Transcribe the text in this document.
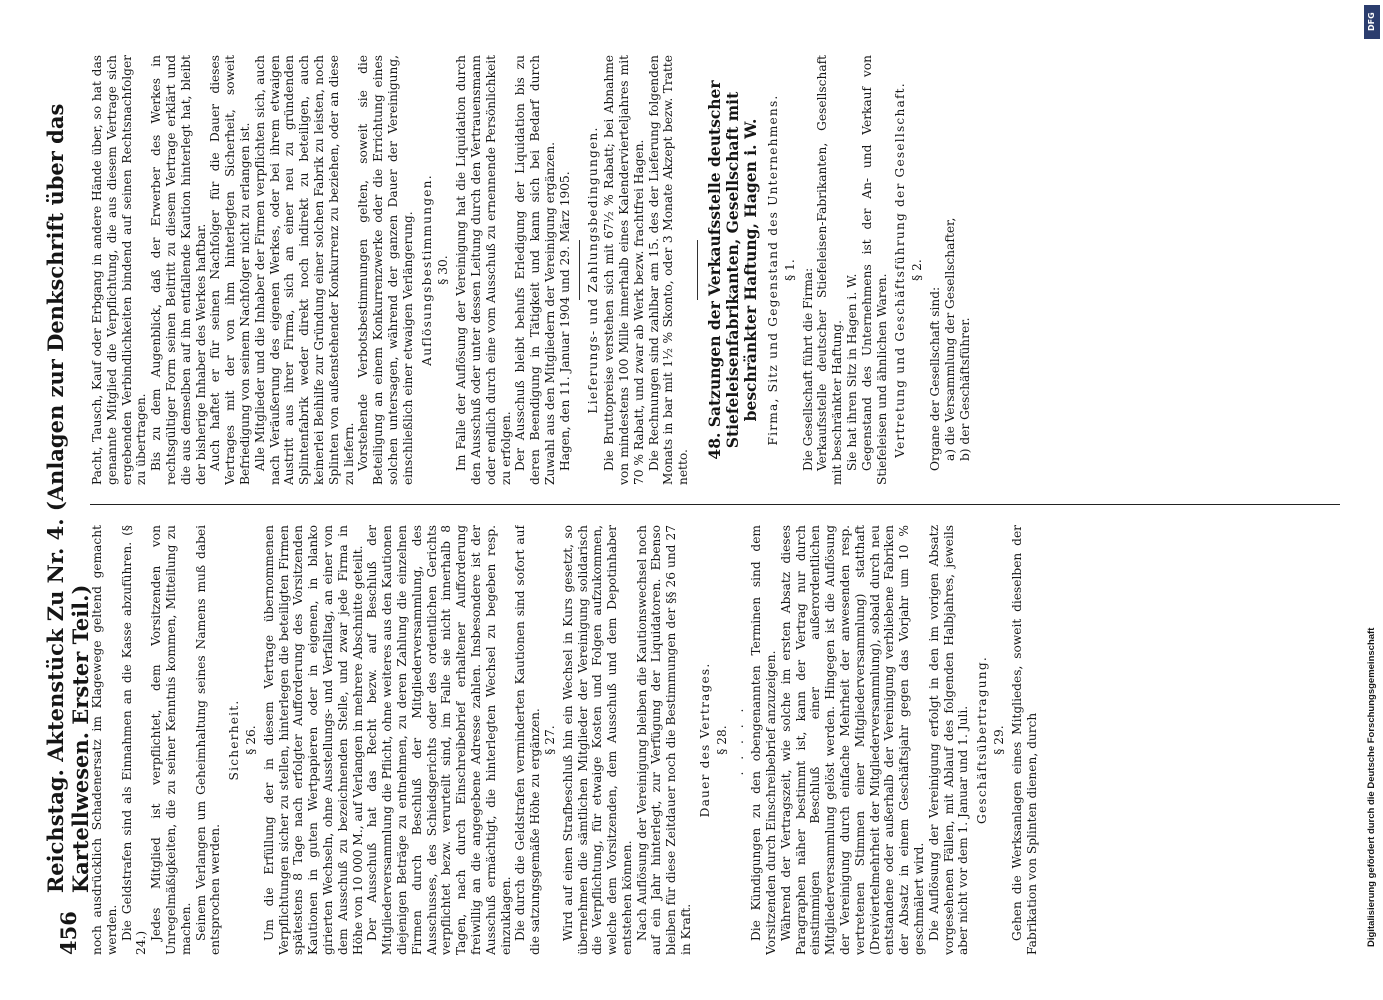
456
Reichstag. Aktenstück Zu Nr. 4. (Anlagen zur Denkschrift über das Kartellwesen. Erster Teil.)

noch ausdrücklich Schadenersatz im Klagewege geltend gemacht werden. Die Geldstrafen sind als Einnahmen an die Kasse abzuführen. (§ 24.)

Jedes Mitglied ist verpflichtet, dem Vorsitzenden von Unregelmäßigkeiten, die zu seiner Kenntnis kommen, Mitteilung zu machen. Seinem Verlangen um Geheimhaltung seines Namens muß dabei entsprochen werden.

Sicherheit. § 26. Um die Erfüllung der in diesem Vertrage übernommenen Verpflichtungen sicher zu stellen, hinterlegen die beteiligten Firmen spätestens 8 Tage nach erfolgter Aufforderung des Vorsitzenden Kautionen in guten Wertpapieren oder in eigenen, in blanko girierten Wechseln, ohne Ausstellungs- und Verfalltag, an einer von dem Ausschuß zu bezeichnenden Stelle, und zwar jede Firma in Höhe von 10 000 M., auf Verlangen in mehrere Abschnitte geteilt. Der Ausschuß hat das Recht bezw. auf Beschluß der Mitgliederversammlung die Pflicht, ohne weiteres aus den Kautionen diejenigen Beträge zu entnehmen, zu deren Zahlung die einzelnen Firmen durch Beschluß der Mitgliederversammlung, des Ausschusses, des Schiedsgerichts oder des ordentlichen Gerichts verpflichtet bezw. verurteilt sind, im Falle sie nicht innerhalb 8 Tagen, nach durch Einschreibebrief erhaltener Aufforderung freiwillig an die angegebene Adresse zahlen. Insbesondere ist der Ausschuß ermächtigt, die hinterlegten Wechsel zu begeben resp. einzuklagen. Die durch die Geldstrafen verminderten Kautionen sind sofort auf die satzungsgemäße Höhe zu ergänzen. § 27. Wird auf einen Strafbeschluß hin ein Wechsel in Kurs gesetzt, so übernehmen die sämtlichen Mitglieder der Vereinigung solidarisch die Verpflichtung, für etwaige Kosten und Folgen aufzukommen, welche dem Vorsitzenden, dem Ausschuß und dem Depotinhaber entstehen können. Nach Auflösung der Vereinigung bleiben die Kautionswechsel noch auf ein Jahr hinterlegt, zur Verfügung der Liquidatoren. Ebenso bleiben für diese Zeitdauer noch die Bestimmungen der §§ 26 und 27 in Kraft.

Dauer des Vertrages. § 28. . . . . . Die Kündigungen zu den obengenannten Terminen sind dem Vorsitzenden durch Einschreibebrief anzuzeigen. Während der Vertragszeit, wie solche im ersten Absatz dieses Paragraphen näher bestimmt ist, kann der Vertrag nur durch einstimmigen Beschluß einer außerordentlichen Mitgliederversammlung gelöst werden. Hingegen ist die Auflösung der Vereinigung durch einfache Mehrheit der anwesenden resp. vertretenen Stimmen einer Mitgliederversammlung) statthaft (Dreiviertelmehrheit der Mitgliederversammlung), sobald durch neu entstandene oder außerhalb der Vereinigung verbliebene Fabriken der Absatz in einem Geschäftsjahr gegen das Vorjahr um 10 % geschmälert wird. Die Auflösung der Vereinigung erfolgt in den im vorigen Absatz vorgesehenen Fällen, mit Ablauf des folgenden Halbjahres, jeweils aber nicht vor dem 1. Januar und 1. Juli. Geschäftsübertragung. § 29. Gehen die Werksanlagen eines Mitgliedes, soweit dieselben der Fabrikation von Splinten dienen, durch

Pacht, Tausch, Kauf oder Erbgang in andere Hände über, so hat das genannte Mitglied die Verpflichtung, die aus diesem Vertrage sich ergebenden Verbindlichkeiten bindend auf seinen Rechtsnachfolger zu übertragen. Bis zu dem Augenblick, daß der Erwerber des Werkes in rechtsgültiger Form seinen Beitritt zu diesem Vertrage erklärt und die aus demselben auf ihn entfallende Kaution hinterlegt hat, bleibt der bisherige Inhaber des Werkes haftbar. Auch haftet er für seinen Nachfolger für die Dauer dieses Vertrages mit der von ihm hinterlegten Sicherheit, soweit Befriedigung von seinem Nachfolger nicht zu erlangen ist. Alle Mitglieder und die Inhaber der Firmen verpflichten sich, auch nach Veräußerung des eigenen Werkes, oder bei ihrem etwaigen Austritt aus ihrer Firma, sich an einer neu zu gründenden Splintenfabrik weder direkt noch indirekt zu beteiligen, auch keinerlei Beihilfe zur Gründung einer solchen Fabrik zu leisten, noch Splinten von außenstehender Konkurrenz zu beziehen, oder an diese zu liefern. Vorstehende Verbotsbestimmungen gelten, soweit sie die Beteiligung an einem Konkurrenzwerke oder die Errichtung eines solchen untersagen, während der ganzen Dauer der Vereinigung, einschließlich einer etwaigen Verlängerung. Auflösungsbestimmungen. § 30. Im Falle der Auflösung der Vereinigung hat die Liquidation durch den Ausschuß oder unter dessen Leitung durch den Vertrauensmann oder endlich durch eine vom Ausschuß zu ernennende Persönlichkeit zu erfolgen. Der Ausschuß bleibt behufs Erledigung der Liquidation bis zu deren Beendigung in Tätigkeit und kann sich bei Bedarf durch Zuwahl aus den Mitgliedern der Vereinigung ergänzen. Hagen, den 11. Januar 1904 und 29. März 1905. Lieferungs- und Zahlungsbedingungen. Die Bruttopreise verstehen sich mit 67½ % Rabatt; bei Abnahme von mindestens 100 Mille innerhalb eines Kalendervierteljahres mit 70 % Rabatt, und zwar ab Werk bezw. frachtfrei Hagen. Die Rechnungen sind zahlbar am 15. des der Lieferung folgenden Monats in bar mit 1½ % Skonto, oder 3 Monate Akzept bezw. Tratte netto.

48. Satzungen der Verkaufsstelle deutscher Stiefeleisenfabrikanten, Gesellschaft mit beschränkter Haftung, Hagen i. W. Firma, Sitz und Gegenstand des Unternehmens. § 1. Die Gesellschaft führt die Firma: Verkaufsstelle deutscher Stiefeleisen-Fabrikanten, Gesellschaft mit beschränkter Haftung. Sie hat ihren Sitz in Hagen i. W. Gegenstand des Unternehmens ist der An- und Verkauf von Stiefeleisen und ähnlichen Waren. Vertretung und Geschäftsführung der Gesellschaft. § 2.

Organe der Gesellschaft sind: a) die Versammlung der Gesellschafter, b) der Geschäftsführer.

DFG
Digitalisierung gefördert durch die Deutsche Forschungsgemeinschaft
